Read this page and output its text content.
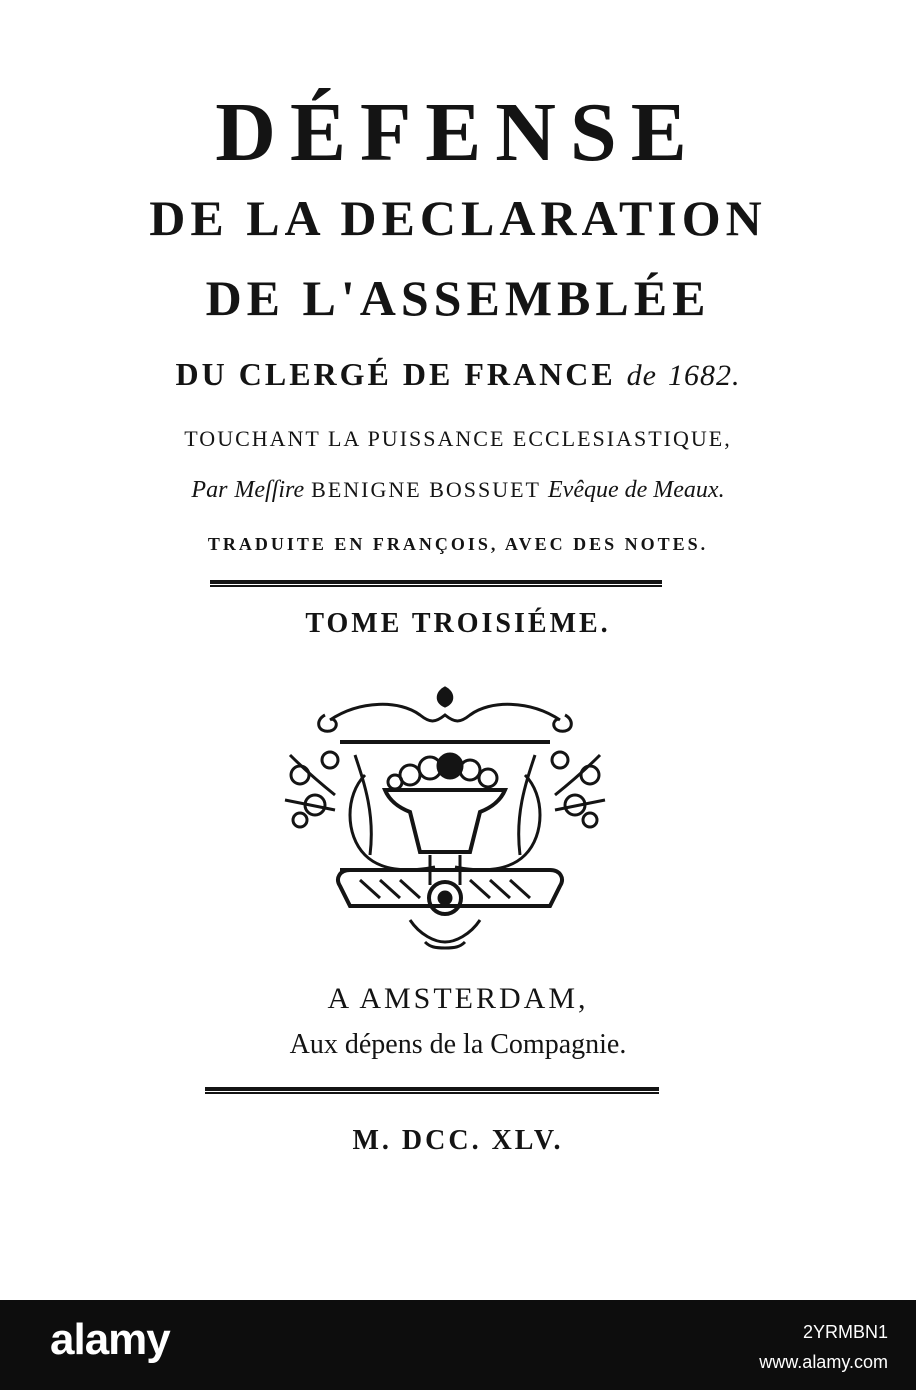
DÉFENSE

DE LA DECLARATION

DE L'ASSEMBLÉE

DU CLERGÉ DE FRANCE de 1682.

TOUCHANT LA PUISSANCE ECCLESIASTIQUE,

Par Meſſire BENIGNE BOSSUET Evêque de Meaux.

TRADUITE EN FRANÇOIS, AVEC DES NOTES.

TOME TROISIÉME.

A AMSTERDAM,

Aux dépens de la Compagnie.

M. DCC. XLV.

alamy	2YRMBN1
www.alamy.com
